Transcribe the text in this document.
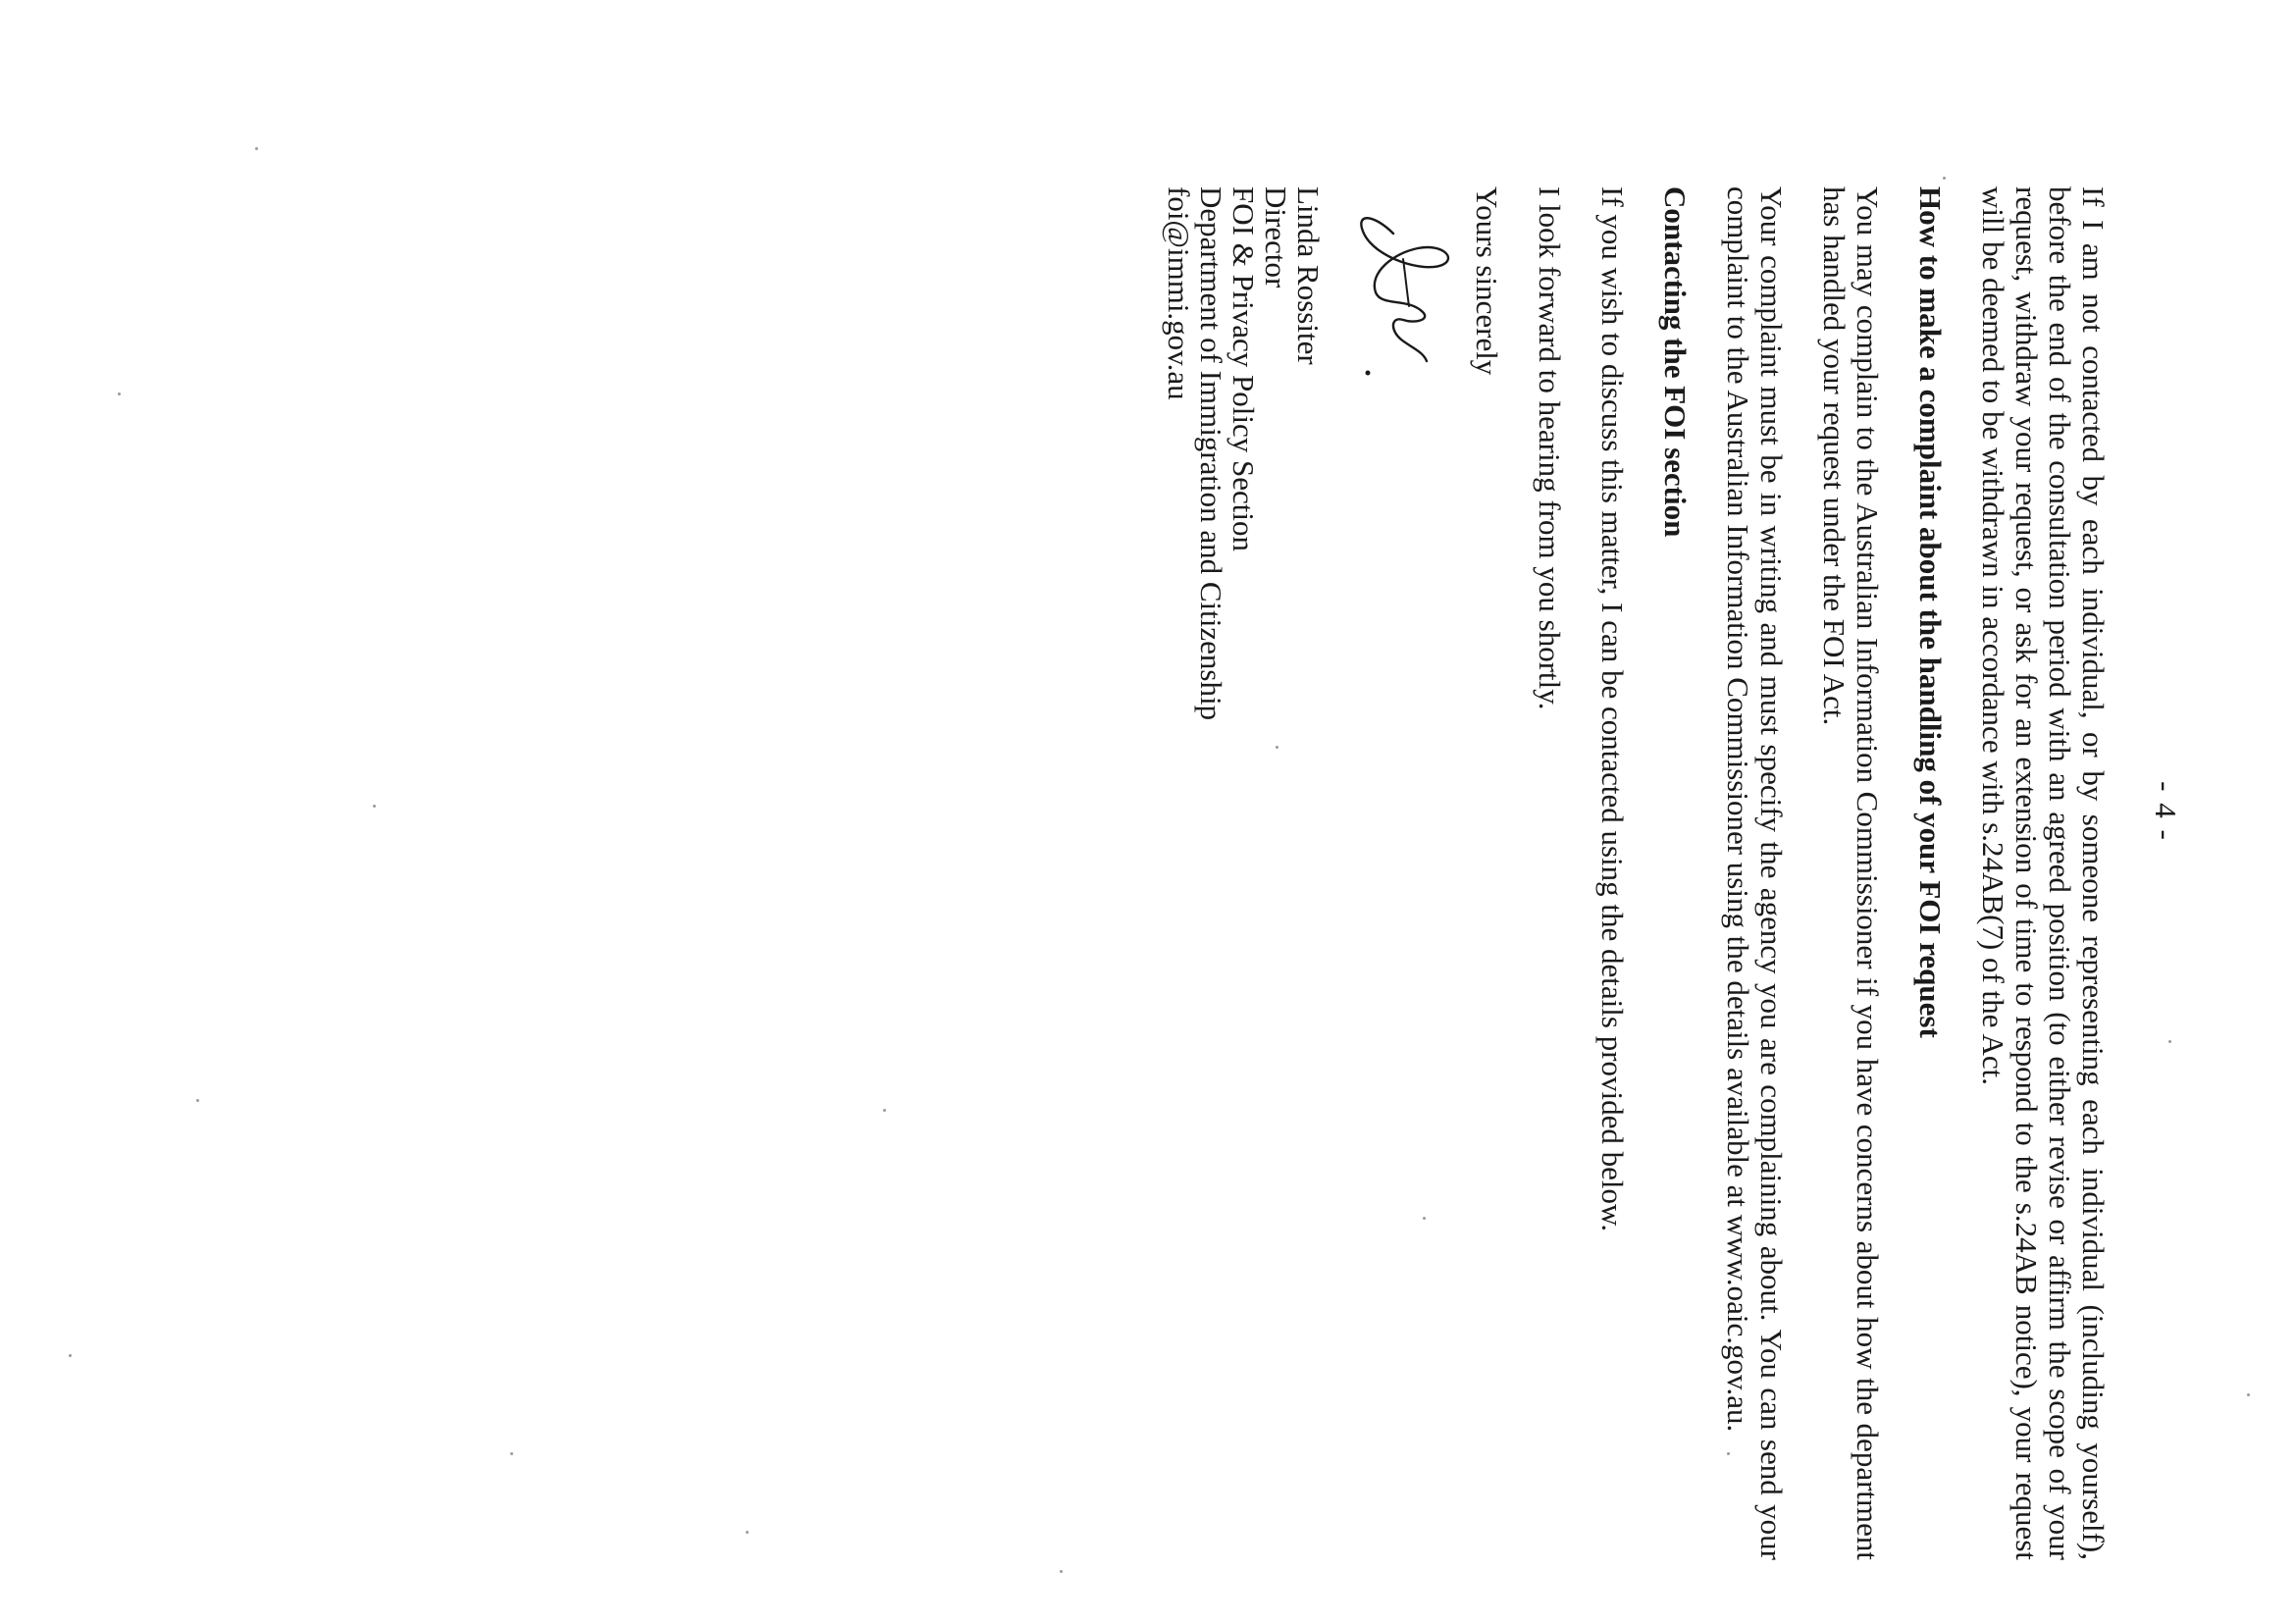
- 4 -

If I am not contacted by each individual, or by someone representing each individual (including yourself), before the end of the consultation period with an agreed position (to either revise or affirm the scope of your request, withdraw your request, or ask for an extension of time to respond to the s.24AB notice), your request will be deemed to be withdrawn in accordance with s.24AB(7) of the Act.

How to make a complaint about the handling of your FOI request

You may complain to the Australian Information Commissioner if you have concerns about how the department has handled your request under the FOI Act.

Your complaint must be in writing and must specify the agency you are complaining about. You can send your complaint to the Australian Information Commissioner using the details available at www.oaic.gov.au.

Contacting the FOI section

If you wish to discuss this matter, I can be contacted using the details provided below.

I look forward to hearing from you shortly.

Yours sincerely

Linda Rossiter
Director
FOI & Privacy Policy Section
Department of Immigration and Citizenship
foi@immi.gov.au
